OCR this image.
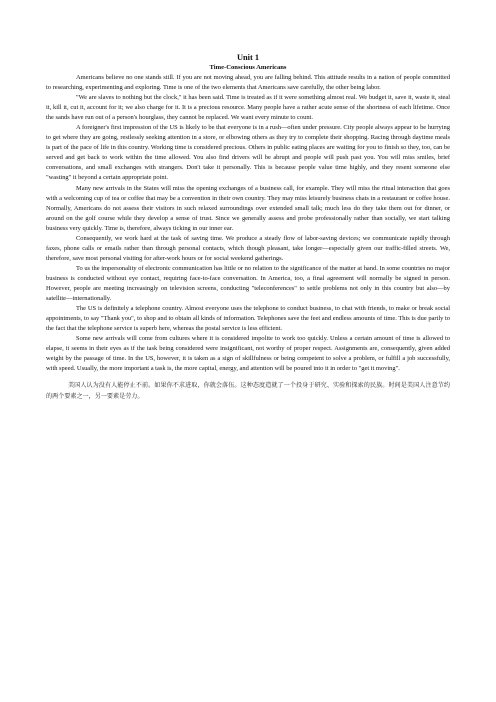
Unit 1
Time-Conscious Americans

Americans believe no one stands still. If you are not moving ahead, you are falling behind. This attitude results in a nation of people committed to researching, experimenting and exploring. Time is one of the two elements that Americans save carefully, the other being labor.

"We are slaves to nothing but the clock," it has been said. Time is treated as if it were something almost real. We budget it, save it, waste it, steal it, kill it, cut it, account for it; we also charge for it. It is a precious resource. Many people have a rather acute sense of the shortness of each lifetime. Once the sands have run out of a person's hourglass, they cannot be replaced. We want every minute to count.

A foreigner's first impression of the US is likely to be that everyone is in a rush—often under pressure. City people always appear to be hurrying to get where they are going, restlessly seeking attention in a store, or elbowing others as they try to complete their shopping. Racing through daytime meals is part of the pace of life in this country. Working time is considered precious. Others in public eating places are waiting for you to finish so they, too, can be served and get back to work within the time allowed. You also find drivers will be abrupt and people will push past you. You will miss smiles, brief conversations, and small exchanges with strangers. Don't take it personally. This is because people value time highly, and they resent someone else "wasting" it beyond a certain appropriate point.

Many new arrivals in the States will miss the opening exchanges of a business call, for example. They will miss the ritual interaction that goes with a welcoming cup of tea or coffee that may be a convention in their own country. They may miss leisurely business chats in a restaurant or coffee house. Normally, Americans do not assess their visitors in such relaxed surroundings over extended small talk; much less do they take them out for dinner, or around on the golf course while they develop a sense of trust. Since we generally assess and probe professionally rather than socially, we start talking business very quickly. Time is, therefore, always ticking in our inner ear.

Consequently, we work hard at the task of saving time. We produce a steady flow of labor-saving devices; we communicate rapidly through faxes, phone calls or emails rather than through personal contacts, which though pleasant, take longer—especially given our traffic-filled streets. We, therefore, save most personal visiting for after-work hours or for social weekend gatherings.

To us the impersonality of electronic communication has little or no relation to the significance of the matter at hand. In some countries no major business is conducted without eye contact, requiring face-to-face conversation. In America, too, a final agreement will normally be signed in person. However, people are meeting increasingly on television screens, conducting "teleconferences" to settle problems not only in this country but also—by satellite—internationally.

The US is definitely a telephone country. Almost everyone uses the telephone to conduct business, to chat with friends, to make or break social appointments, to say "Thank you", to shop and to obtain all kinds of information. Telephones save the feet and endless amounts of time. This is due partly to the fact that the telephone service is superb here, whereas the postal service is less efficient.

Some new arrivals will come from cultures where it is considered impolite to work too quickly. Unless a certain amount of time is allowed to elapse, it seems in their eyes as if the task being considered were insignificant, not worthy of proper respect. Assignments are, consequently, given added weight by the passage of time. In the US, however, it is taken as a sign of skillfulness or being competent to solve a problem, or fulfill a job successfully, with speed. Usually, the more important a task is, the more capital, energy, and attention will be poured into it in order to "get it moving".

美国人认为没有人能停止不前。如果你不求进取，你就会落伍。这种态度造就了一个投身于研究、实验和探索的民族。时间是美国人注意节约的两个要素之一，另一要素是劳力。
